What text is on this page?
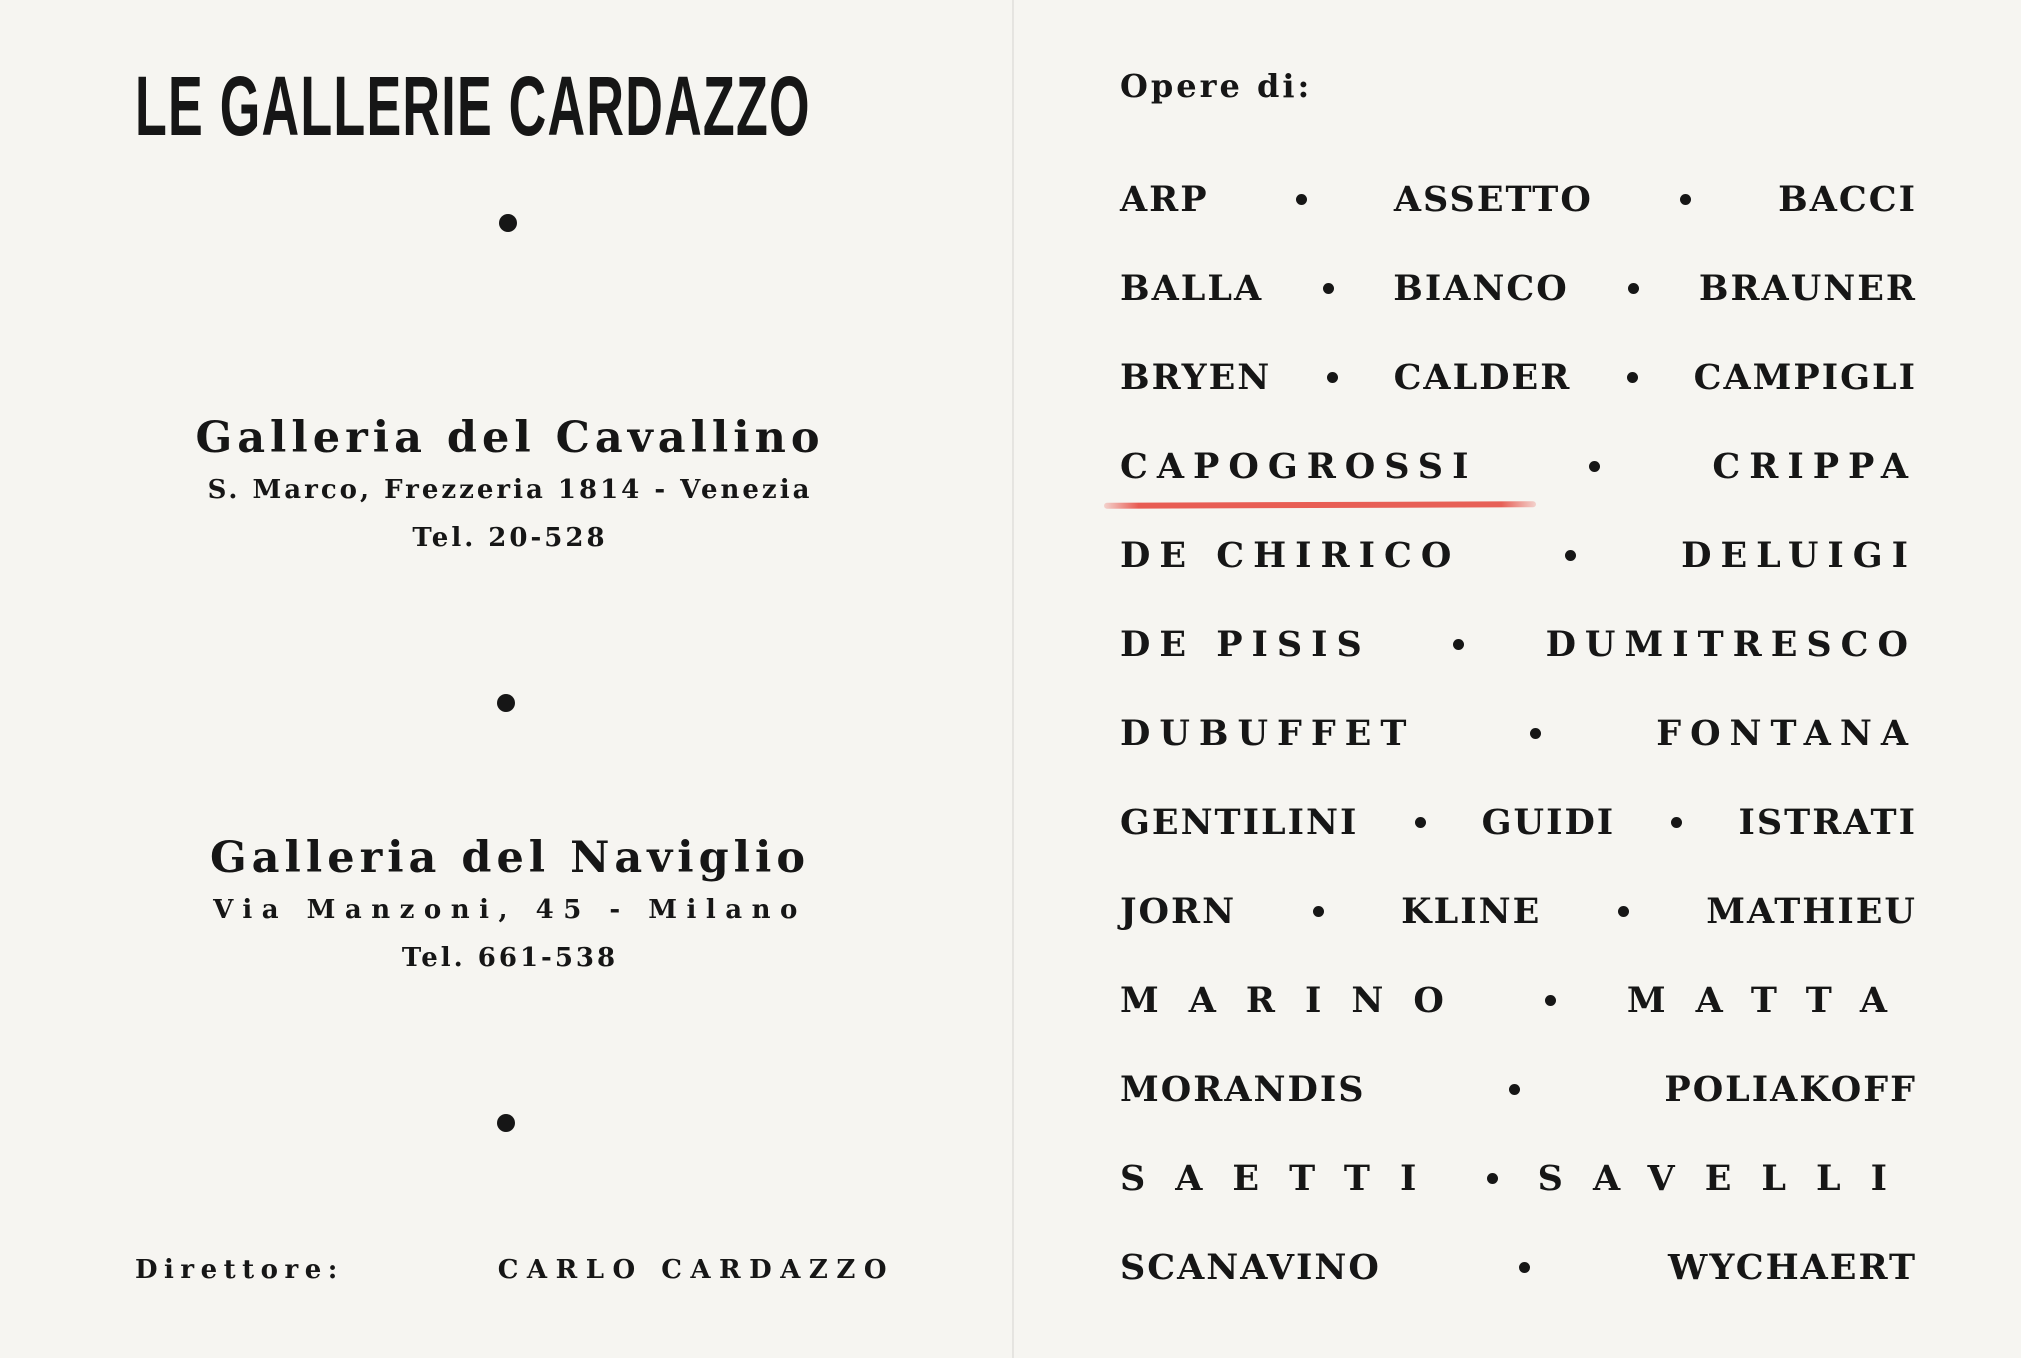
LE GALLERIE CARDAZZO
Galleria del Cavallino
S. Marco, Frezzeria 1814 - Venezia
Tel. 20-528
Galleria del Naviglio
Via Manzoni, 45 - Milano
Tel. 661-538
Direttore:	CARLO CARDAZZO
Opere di:
ARP	ASSETTO	BACCI
BALLA	BIANCO	BRAUNER
BRYEN	CALDER	CAMPIGLI
CAPOGROSSI	CRIPPA
DE CHIRICO	DELUIGI
DE PISIS	DUMITRESCO
DUBUFFET	FONTANA
GENTILINI	GUIDI	ISTRATI
JORN	KLINE	MATHIEU
MARINO	MATTA
MORANDIS	POLIAKOFF
SAETTI	SAVELLI
SCANAVINO	WYCHAERT
